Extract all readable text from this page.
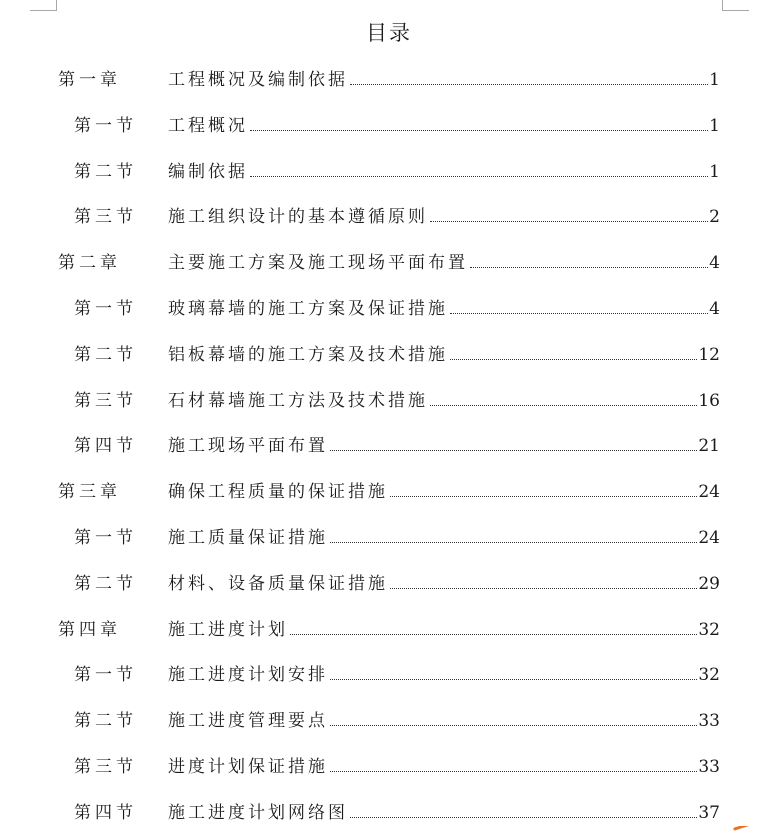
目录
第一章	工程概况及编制依据	1
第一节 工程概况	1
第二节 编制依据	1
第三节 施工组织设计的基本遵循原则	2
第二章	主要施工方案及施工现场平面布置	4
第一节 玻璃幕墙的施工方案及保证措施	4
第二节 铝板幕墙的施工方案及技术措施	12
第三节 石材幕墙施工方法及技术措施	16
第四节 施工现场平面布置	21
第三章	确保工程质量的保证措施	24
第一节 施工质量保证措施	24
第二节 材料、设备质量保证措施	29
第四章	施工进度计划	32
第一节 施工进度计划安排	32
第二节 施工进度管理要点	33
第三节 进度计划保证措施	33
第四节 施工进度计划网络图	37
